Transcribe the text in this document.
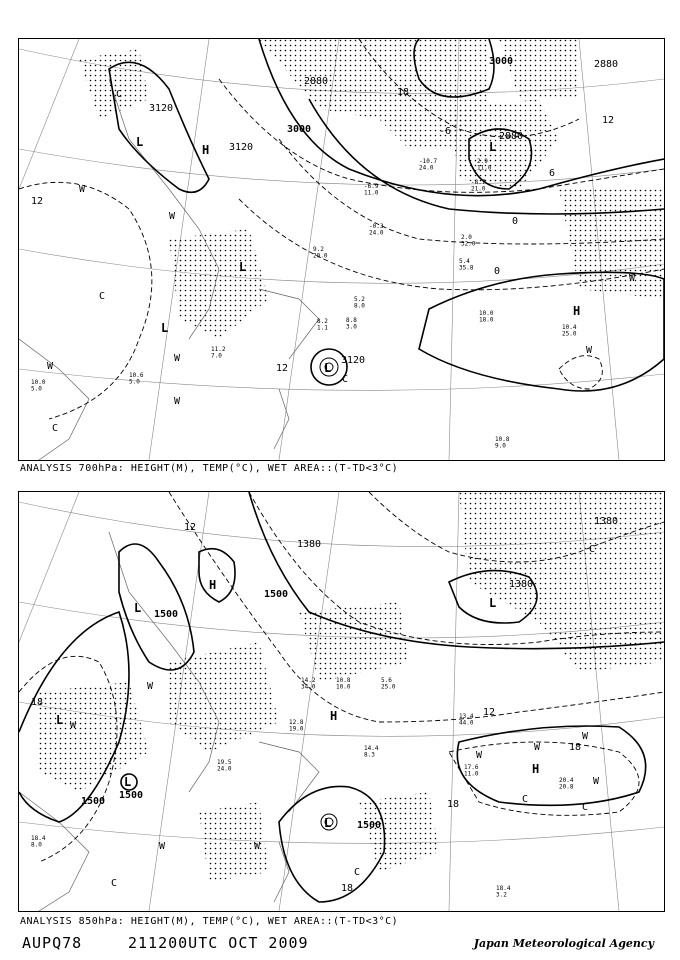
3000
3000
2880
2880
2880
3120
3120
3120
12
12
12
18
0
0
6
-6
H
H
L	L
L
L
L
W
W
W
W
W
W
W
C
C
C
C
10.0 18.0
10.4 25.0
10.8 9.0
11.2 7.0
10.6 5.0
10.0 5.0
5.2 8.0
8.8 3.0
8.2 1.1
9.2 20.0
2.0 32.0
5.4 35.8
-0.3 24.0
-6.9 11.0
-10.7 24.0
-8.7 21.0
2.9 11.0
ANALYSIS 700hPa: HEIGHT(M), TEMP(°C), WET AREA::(T-TD<3°C)
1500
1500
1500
1500
1500
1380
1380
1380
12
12
18
18
18
18
H
H
H
L	L
L
L
L
W
W
W	W
W
W
W
W
C
C
C
C
C
17.6 11.0
20.4 20.8
18.4 3.2
18.4 8.0
13.4 44.0
14.2 34.0
10.8 10.0
5.6 25.0
14.4 8.3
19.5 24.0
12.8 19.0
ANALYSIS 850hPa: HEIGHT(M), TEMP(°C), WET AREA::(T-TD<3°C)
AUPQ78	211200UTC OCT 2009	Japan Meteorological Agency
